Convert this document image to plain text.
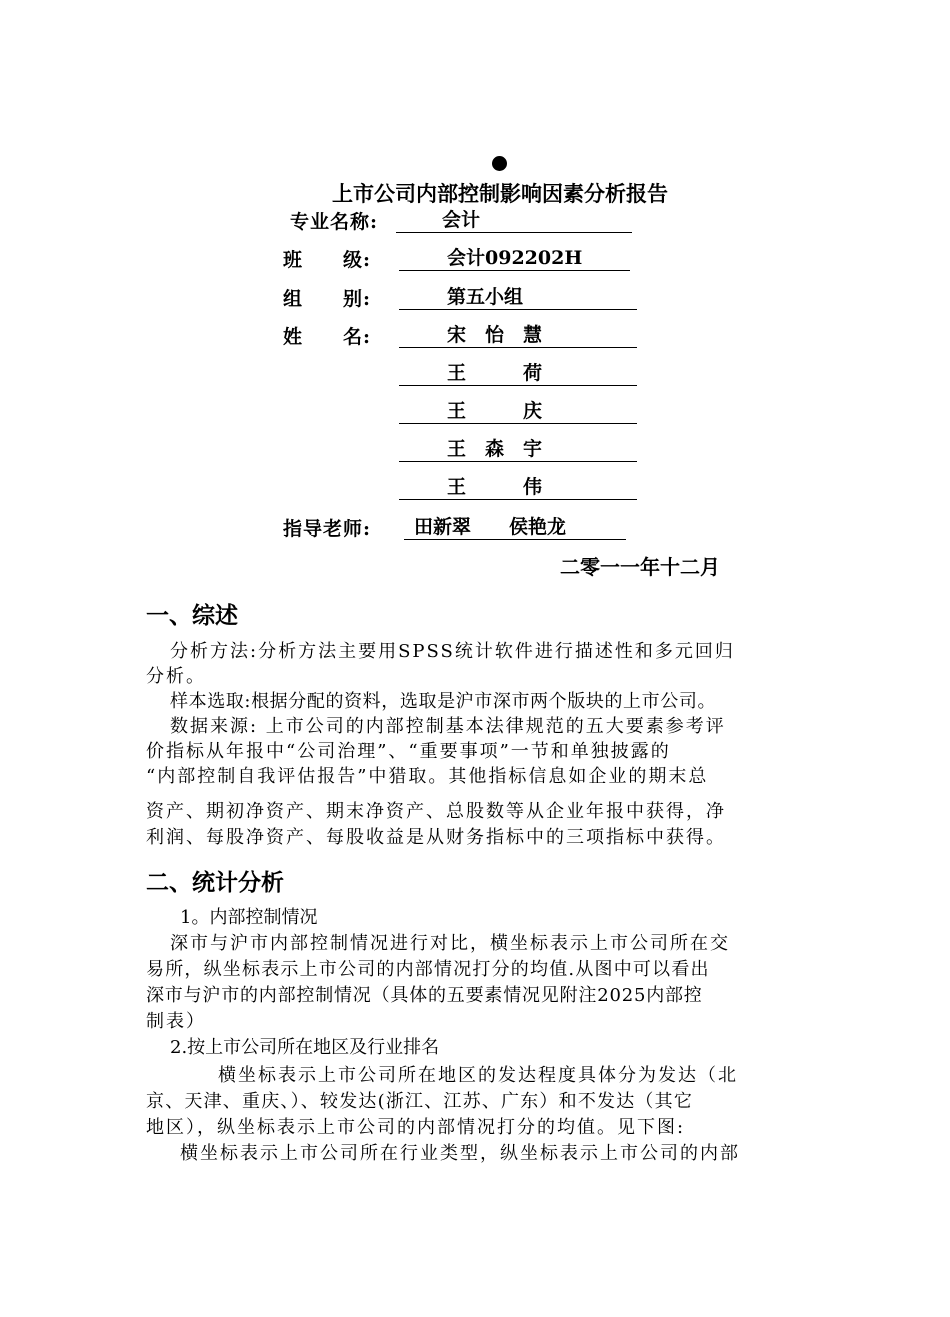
上市公司内部控制影响因素分析报告
专业名称:	会计
班　　级:	会计092202H
组　　别:	第五小组
姓　　名:	宋　怡　慧
王　　　荷
王　　　庆
王　森　宇
王　　　伟
指导老师:	田新翠　　侯艳龙
二零一一年十二月
一、综述
分析方法:分析方法主要用SPSS统计软件进行描述性和多元回归
分析。
样本选取:根据分配的资料，选取是沪市深市两个版块的上市公司。
数据来源: 上市公司的内部控制基本法律规范的五大要素参考评
价指标从年报中“公司治理”、“重要事项”一节和单独披露的
“内部控制自我评估报告”中猎取。其他指标信息如企业的期末总
资产、期初净资产、期末净资产、总股数等从企业年报中获得，净
利润、每股净资产、每股收益是从财务指标中的三项指标中获得。
二、统计分析
1。内部控制情况
深市与沪市内部控制情况进行对比，横坐标表示上市公司所在交
易所，纵坐标表示上市公司的内部情况打分的均值.从图中可以看出
深市与沪市的内部控制情况（具体的五要素情况见附注2025内部控
制表）
2.按上市公司所在地区及行业排名
横坐标表示上市公司所在地区的发达程度具体分为发达（北
京、天津、重庆、）、较发达(浙江、江苏、广东）和不发达（其它
地区），纵坐标表示上市公司的内部情况打分的均值。见下图:
横坐标表示上市公司所在行业类型，纵坐标表示上市公司的内部
